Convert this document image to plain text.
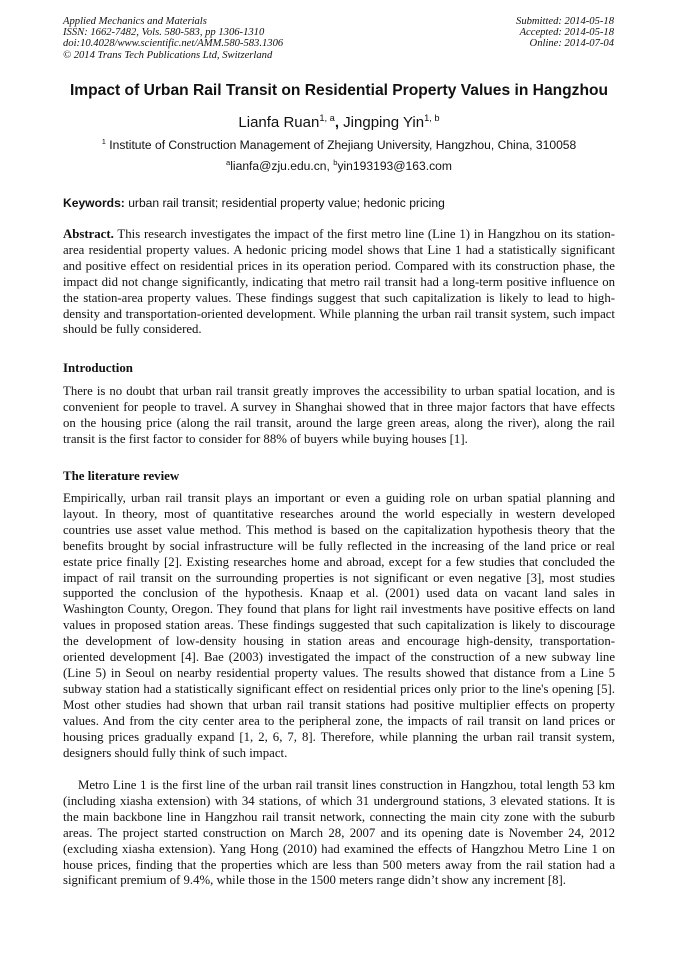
Applied Mechanics and Materials
ISSN: 1662-7482, Vols. 580-583, pp 1306-1310
doi:10.4028/www.scientific.net/AMM.580-583.1306
© 2014 Trans Tech Publications Ltd, Switzerland
Submitted: 2014-05-18
Accepted: 2014-05-18
Online: 2014-07-04
Impact of Urban Rail Transit on Residential Property Values in Hangzhou
Lianfa Ruan$^{1, a}$, Jingping Yin$^{1, b}$
$^1$ Institute of Construction Management of Zhejiang University, Hangzhou, China, 310058
$^a$lianfa@zju.edu.cn, $^b$yin193193@163.com
Keywords: urban rail transit; residential property value; hedonic pricing

Abstract. This research investigates the impact of the first metro line (Line 1) in Hangzhou on its station-area residential property values. A hedonic pricing model shows that Line 1 had a statistically significant and positive effect on residential prices in its operation period. Compared with its construction phase, the impact did not change significantly, indicating that metro rail transit had a long-term positive influence on the station-area property values. These findings suggest that such capitalization is likely to lead to high-density and transportation-oriented development. While planning the urban rail transit system, such impact should be fully considered.

Introduction

There is no doubt that urban rail transit greatly improves the accessibility to urban spatial location, and is convenient for people to travel. A survey in Shanghai showed that in three major factors that have effects on the housing price (along the rail transit, around the large green areas, along the river), along the rail transit is the first factor to consider for 88% of buyers while buying houses [1].

The literature review

Empirically, urban rail transit plays an important or even a guiding role on urban spatial planning and layout. In theory, most of quantitative researches around the world especially in western developed countries use asset value method. This method is based on the capitalization hypothesis theory that the benefits brought by social infrastructure will be fully reflected in the increasing of the land price or real estate price finally [2]. Existing researches home and abroad, except for a few studies that concluded the impact of rail transit on the surrounding properties is not significant or even negative [3], most studies supported the conclusion of the hypothesis. Knaap et al. (2001) used data on vacant land sales in Washington County, Oregon. They found that plans for light rail investments have positive effects on land values in proposed station areas. These findings suggested that such capitalization is likely to discourage the development of low-density housing in station areas and encourage high-density, transportation-oriented development [4]. Bae (2003) investigated the impact of the construction of a new subway line (Line 5) in Seoul on nearby residential property values. The results showed that distance from a Line 5 subway station had a statistically significant effect on residential prices only prior to the line's opening [5]. Most other studies had shown that urban rail transit stations had positive multiplier effects on property values. And from the city center area to the peripheral zone, the impacts of rail transit on land prices or housing prices gradually expand [1, 2, 6, 7, 8]. Therefore, while planning the urban rail transit system, designers should fully think of such impact.

Metro Line 1 is the first line of the urban rail transit lines construction in Hangzhou, total length 53 km (including xiasha extension) with 34 stations, of which 31 underground stations, 3 elevated stations. It is the main backbone line in Hangzhou rail transit network, connecting the main city zone with the suburb areas. The project started construction on March 28, 2007 and its opening date is November 24, 2012 (excluding xiasha extension). Yang Hong (2010) had examined the effects of Hangzhou Metro Line 1 on house prices, finding that the properties which are less than 500 meters away from the rail station had a significant premium of 9.4%, while those in the 1500 meters range didn’t show any increment [8].
